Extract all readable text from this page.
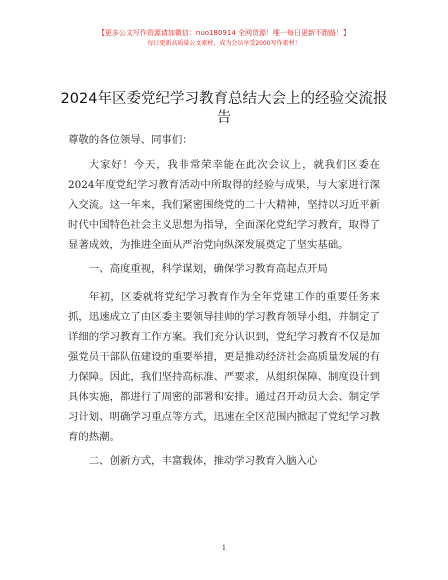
【更多公文写作资源请加微信：nuo180914 全网货源！唯一每日更新不跑路！】
每日更新高质量公文素材，成为会员享受2000写作素材！
2024年区委党纪学习教育总结大会上的经验交流报告

尊敬的各位领导、同事们：

大家好！今天，我非常荣幸能在此次会议上，就我们区委在2024年度党纪学习教育活动中所取得的经验与成果，与大家进行深入交流。这一年来，我们紧密围绕党的二十大精神，坚持以习近平新时代中国特色社会主义思想为指导，全面深化党纪学习教育，取得了显著成效，为推进全面从严治党向纵深发展奠定了坚实基础。

一、高度重视，科学谋划，确保学习教育高起点开局

年初，区委就将党纪学习教育作为全年党建工作的重要任务来抓，迅速成立了由区委主要领导挂帅的学习教育领导小组，并制定了详细的学习教育工作方案。我们充分认识到，党纪学习教育不仅是加强党员干部队伍建设的重要举措，更是推动经济社会高质量发展的有力保障。因此，我们坚持高标准、严要求，从组织保障、制度设计到具体实施，都进行了周密的部署和安排。通过召开动员大会、制定学习计划、明确学习重点等方式，迅速在全区范围内掀起了党纪学习教育的热潮。

二、创新方式，丰富载体，推动学习教育入脑入心

1
